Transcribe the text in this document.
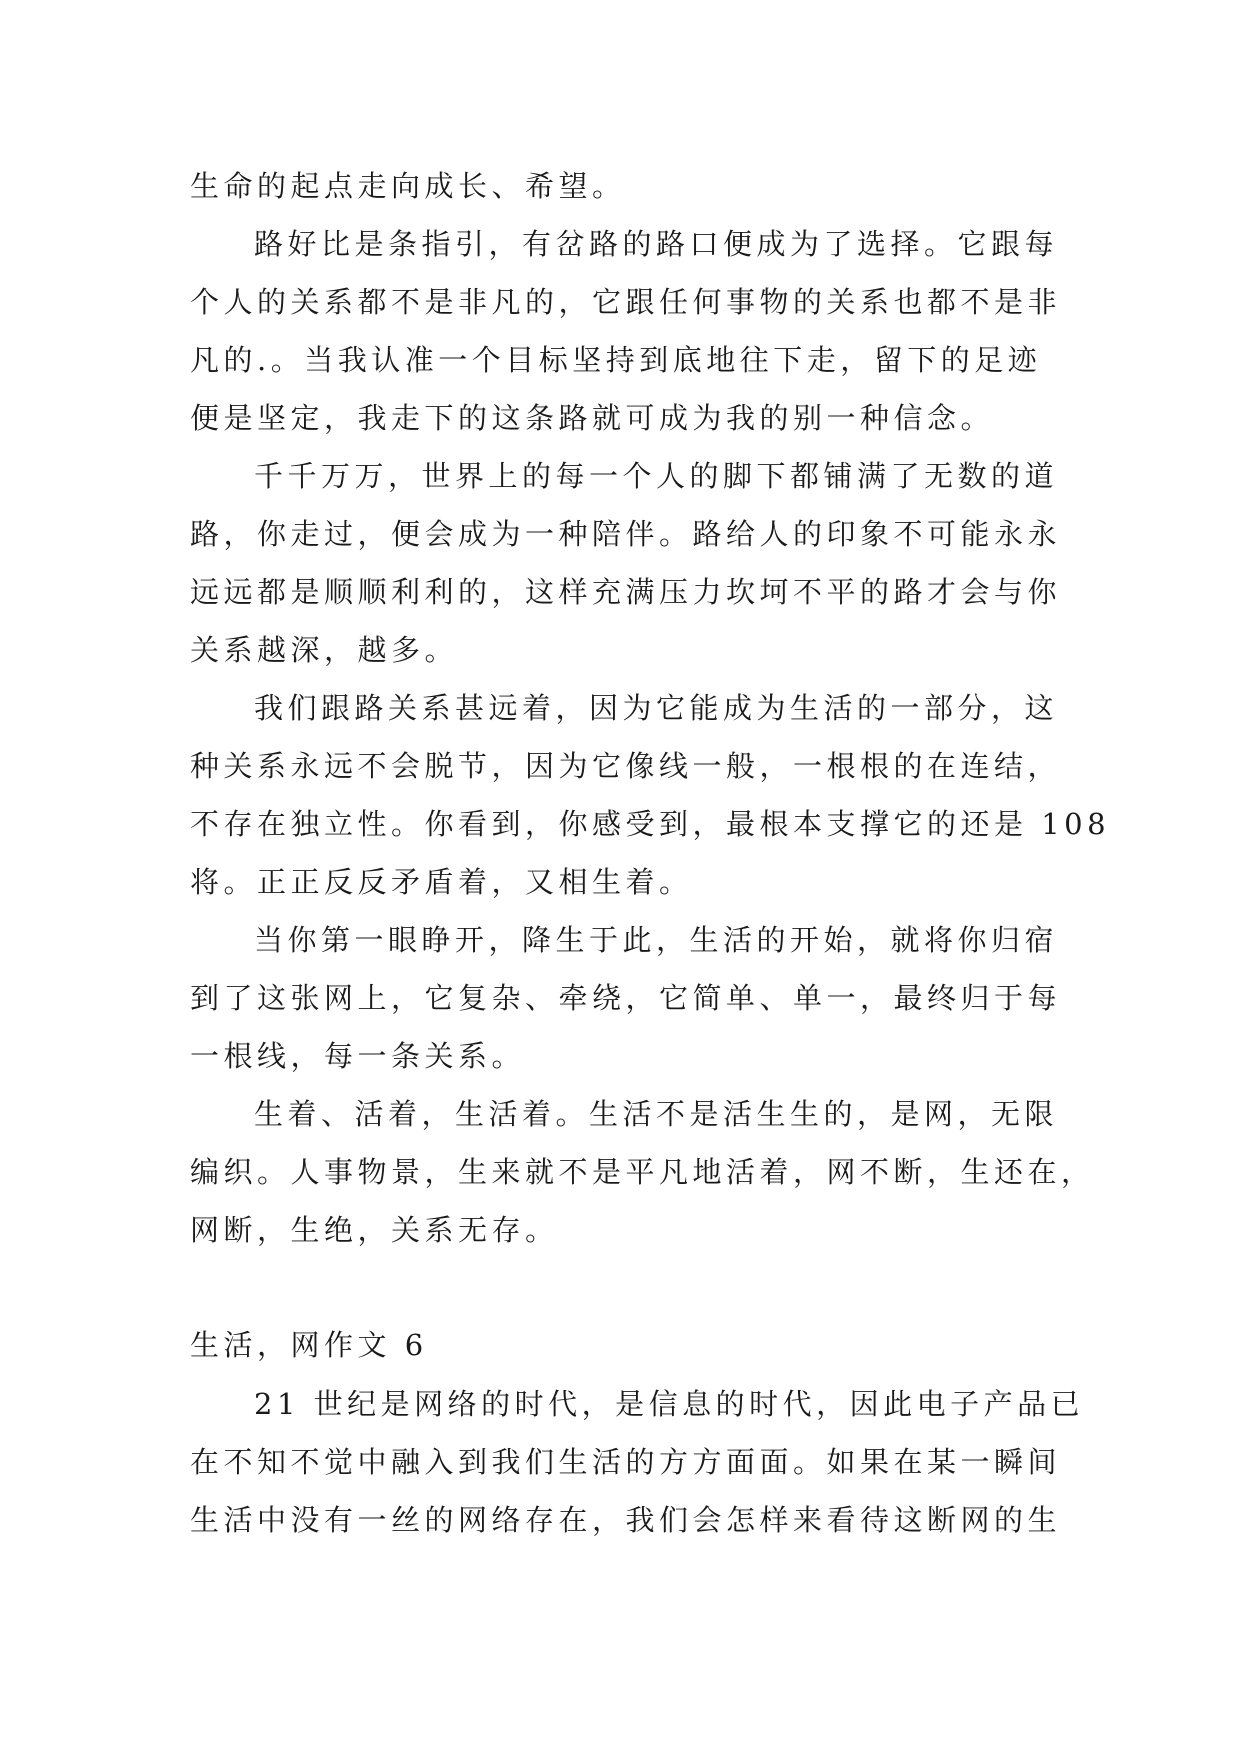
生命的起点走向成长、希望。
路好比是条指引，有岔路的路口便成为了选择。它跟每
个人的关系都不是非凡的，它跟任何事物的关系也都不是非
凡的.。当我认准一个目标坚持到底地往下走，留下的足迹
便是坚定，我走下的这条路就可成为我的别一种信念。
千千万万，世界上的每一个人的脚下都铺满了无数的道
路，你走过，便会成为一种陪伴。路给人的印象不可能永永
远远都是顺顺利利的，这样充满压力坎坷不平的路才会与你
关系越深，越多。
我们跟路关系甚远着，因为它能成为生活的一部分，这
种关系永远不会脱节，因为它像线一般，一根根的在连结，
不存在独立性。你看到，你感受到，最根本支撑它的还是 108
将。正正反反矛盾着，又相生着。
当你第一眼睁开，降生于此，生活的开始，就将你归宿
到了这张网上，它复杂、牵绕，它简单、单一，最终归于每
一根线，每一条关系。
生着、活着，生活着。生活不是活生生的，是网，无限
编织。人事物景，生来就不是平凡地活着，网不断，生还在，
网断，生绝，关系无存。
生活，网作文 6
21 世纪是网络的时代，是信息的时代，因此电子产品已
在不知不觉中融入到我们生活的方方面面。如果在某一瞬间
生活中没有一丝的网络存在，我们会怎样来看待这断网的生
